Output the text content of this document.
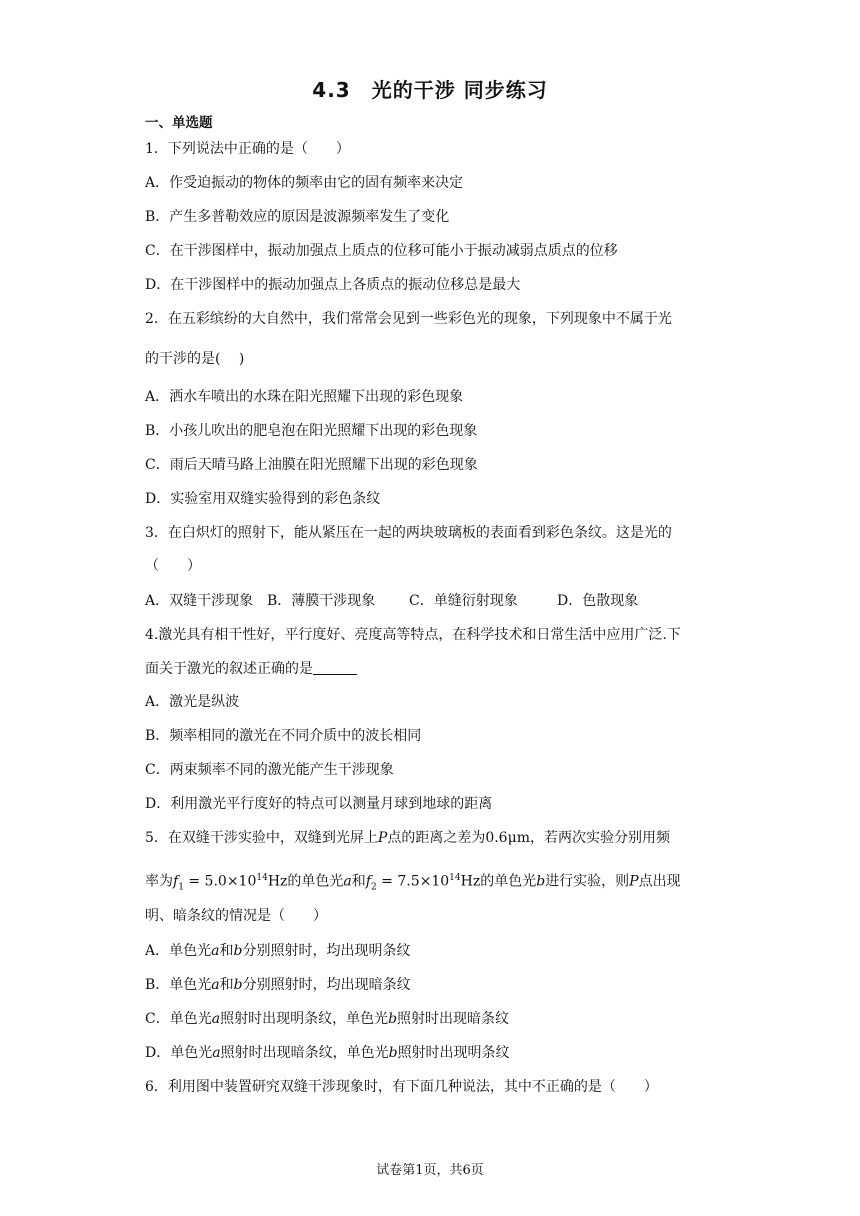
4.3　光的干涉 同步练习
一、单选题
1．下列说法中正确的是（　　）
A．作受迫振动的物体的频率由它的固有频率来决定
B．产生多普勒效应的原因是波源频率发生了变化
C．在干涉图样中，振动加强点上质点的位移可能小于振动减弱点质点的位移
D．在干涉图样中的振动加强点上各质点的振动位移总是最大
2．在五彩缤纷的大自然中，我们常常会见到一些彩色光的现象，下列现象中不属于光
的干涉的是(　 )
A．洒水车喷出的水珠在阳光照耀下出现的彩色现象
B．小孩儿吹出的肥皂泡在阳光照耀下出现的彩色现象
C．雨后天晴马路上油膜在阳光照耀下出现的彩色现象
D．实验室用双缝实验得到的彩色条纹
3．在白炽灯的照射下，能从紧压在一起的两块玻璃板的表面看到彩色条纹。这是光的
（　　）
A．双缝干涉现象 B．薄膜干涉现象 C．单缝衍射现象	D．色散现象
4.激光具有相干性好，平行度好、亮度高等特点，在科学技术和日常生活中应用广泛.下
面关于激光的叙述正确的是
A．激光是纵波
B．频率相同的激光在不同介质中的波长相同
C．两束频率不同的激光能产生干涉现象
D．利用激光平行度好的特点可以测量月球到地球的距离
5．在双缝干涉实验中，双缝到光屏上P点的距离之差为0.6μm，若两次实验分别用频
率为$f_1 = 5.0\times 10^{14}Hz$的单色光a和$f_2 = 7.5\times 10^{14}Hz$的单色光b进行实验，则P点出现
明、暗条纹的情况是（　　）
A．单色光a和b分别照射时，均出现明条纹
B．单色光a和b分别照射时，均出现暗条纹
C．单色光a照射时出现明条纹，单色光b照射时出现暗条纹
D．单色光a照射时出现暗条纹，单色光b照射时出现明条纹
6．利用图中装置研究双缝干涉现象时，有下面几种说法，其中不正确的是（　　）
试卷第1页，共6页
